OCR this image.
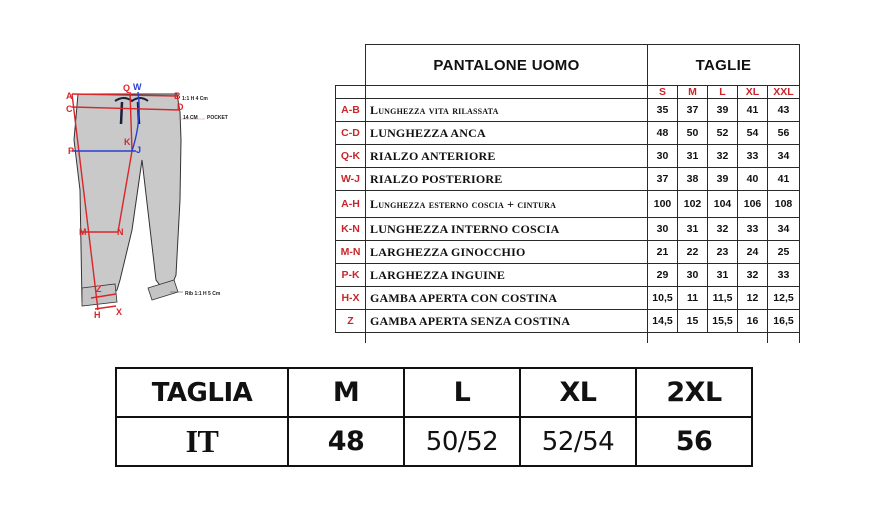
A
C
Q W
B
D
K
J
P
M	N
Z
H X
1:1 H 4 Cm
14 CM POCKET
Rib 1:1 H 5 Cm
	PANTALONE UOMO	TAGLIE				
		S	M	L	XL	XXL
A-B	Lunghezza vita rilassata	35	37	39	41	43
C-D	LUNGHEZZA ANCA	48	50	52	54	56
Q-K	RIALZO ANTERIORE	30	31	32	33	34
W-J	RIALZO POSTERIORE	37	38	39	40	41
A-H	Lunghezza esterno coscia + cintura	100	102	104	106	108
K-N	LUNGHEZZA INTERNO COSCIA	30	31	32	33	34
M-N	LARGHEZZA GINOCCHIO	21	22	23	24	25
P-K	LARGHEZZA INGUINE	29	30	31	32	33
H-X	GAMBA APERTA CON COSTINA	10,5	11	11,5	12	12,5
Z	GAMBA APERTA SENZA COSTINA	14,5	15	15,5	16	16,5

TAGLIA	M	L	XL	2XL
IT	48	50/52	52/54	56
